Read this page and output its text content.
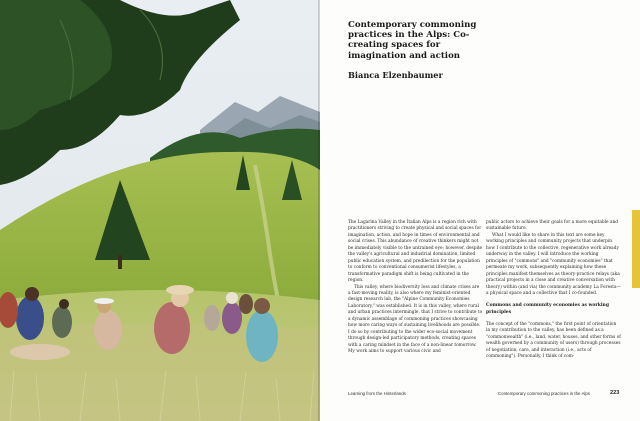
Contemporary commoning practices in the Alps: Co-creating spaces for imagination and action
Bianca Elzenbaumer

The Lagarina Valley in the Italian Alps is a region rich with practitioners striving to create physical and social spaces for imagination, action, and hope in times of environmental and social crises. This abundance of creative thinkers might not be immediately visible to the untrained eye; however, despite the valley's agricultural and industrial domination, limited public education system, and predilection for the population to conform to conventional consumerist lifestyles, a transformative paradigm shift is being cultivated in the region.

This valley, where biodiversity loss and climate crises are a fast-moving reality, is also where my feminist-oriented design research lab, the "Alpine Community Economies Laboratory," was established. It is in this valley, where rural and urban practices intermingle, that I strive to contribute to a dynamic assemblage of commoning practices showcasing how more caring ways of sustaining livelihoods are possible. I do so by contributing to the wider eco-social movement through design-led participatory methods, creating spaces with a caring mindset in the face of a non-linear tomorrow. My work aims to support various civic and

public actors to achieve their goals for a more equitable and sustainable future.

What I would like to share in this text are some key working principles and community projects that underpin how I contribute to the collective, regenerative work already underway in the valley. I will introduce the working principles of "commons" and "community economies" that permeate my work, subsequently explaining how these principles manifest themselves as theory-practice relays (aka practical projects in a close and creative conversation with theory) within (and via) the community academy La Foresta—a physical space and a collective that I co-founded.

Commons and community economies as working principles

The concept of the "commons," the first point of orientation in my contribution to the valley, has been defined as a "commonwealth" (i.e., land, water, houses, and other forms of wealth governed by a community of users) through processes of negotiation, care, and interaction (i.e., acts of commoning"). Personally, I think of com-

Learning from the Hinterlands	Contemporary commoning practices in the Alps	223
